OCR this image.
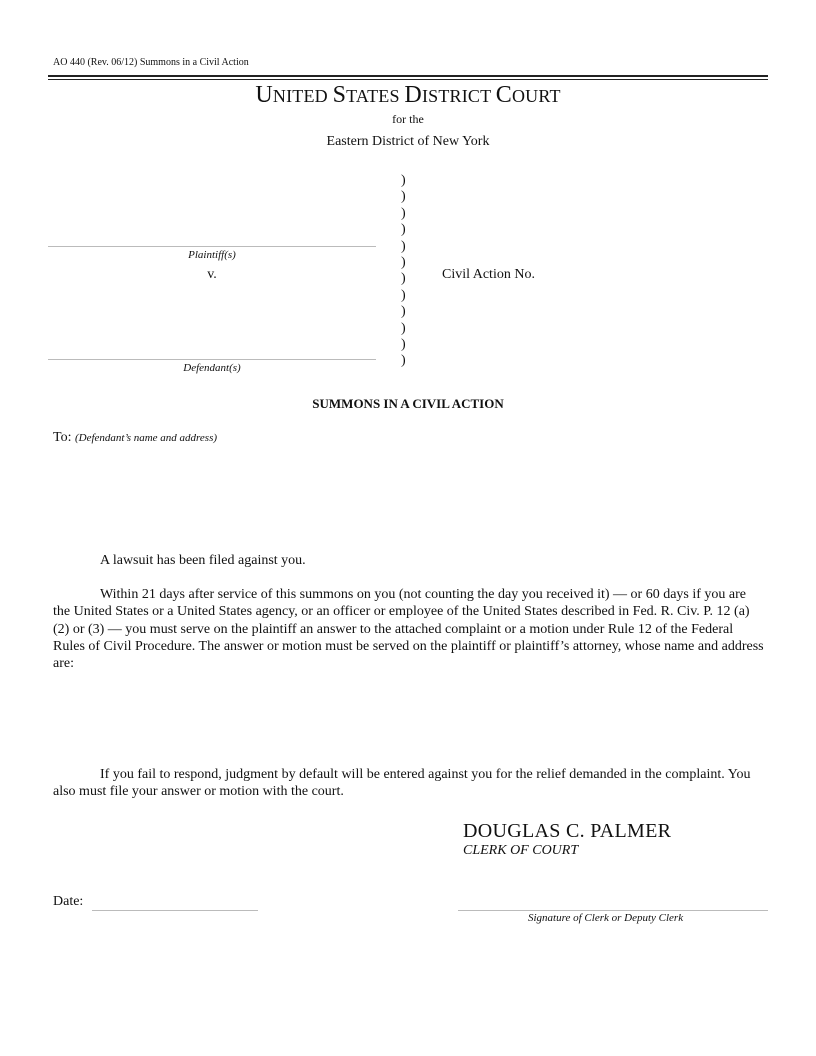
AO 440 (Rev. 06/12) Summons in a Civil Action
UNITED STATES DISTRICT COURT
for the
Eastern District of New York
Plaintiff(s)
v.
Defendant(s)
)
)
)
)
)
)
)
)
)
)
)
)
Civil Action No.
SUMMONS IN A CIVIL ACTION
To: (Defendant’s name and address)
A lawsuit has been filed against you.
Within 21 days after service of this summons on you (not counting the day you received it) — or 60 days if you are the United States or a United States agency, or an officer or employee of the United States described in Fed. R. Civ. P. 12 (a)(2) or (3) — you must serve on the plaintiff an answer to the attached complaint or a motion under Rule 12 of the Federal Rules of Civil Procedure. The answer or motion must be served on the plaintiff or plaintiff’s attorney, whose name and address are:
If you fail to respond, judgment by default will be entered against you for the relief demanded in the complaint. You also must file your answer or motion with the court.
DOUGLAS C. PALMER
CLERK OF COURT
Date:
Signature of Clerk or Deputy Clerk
